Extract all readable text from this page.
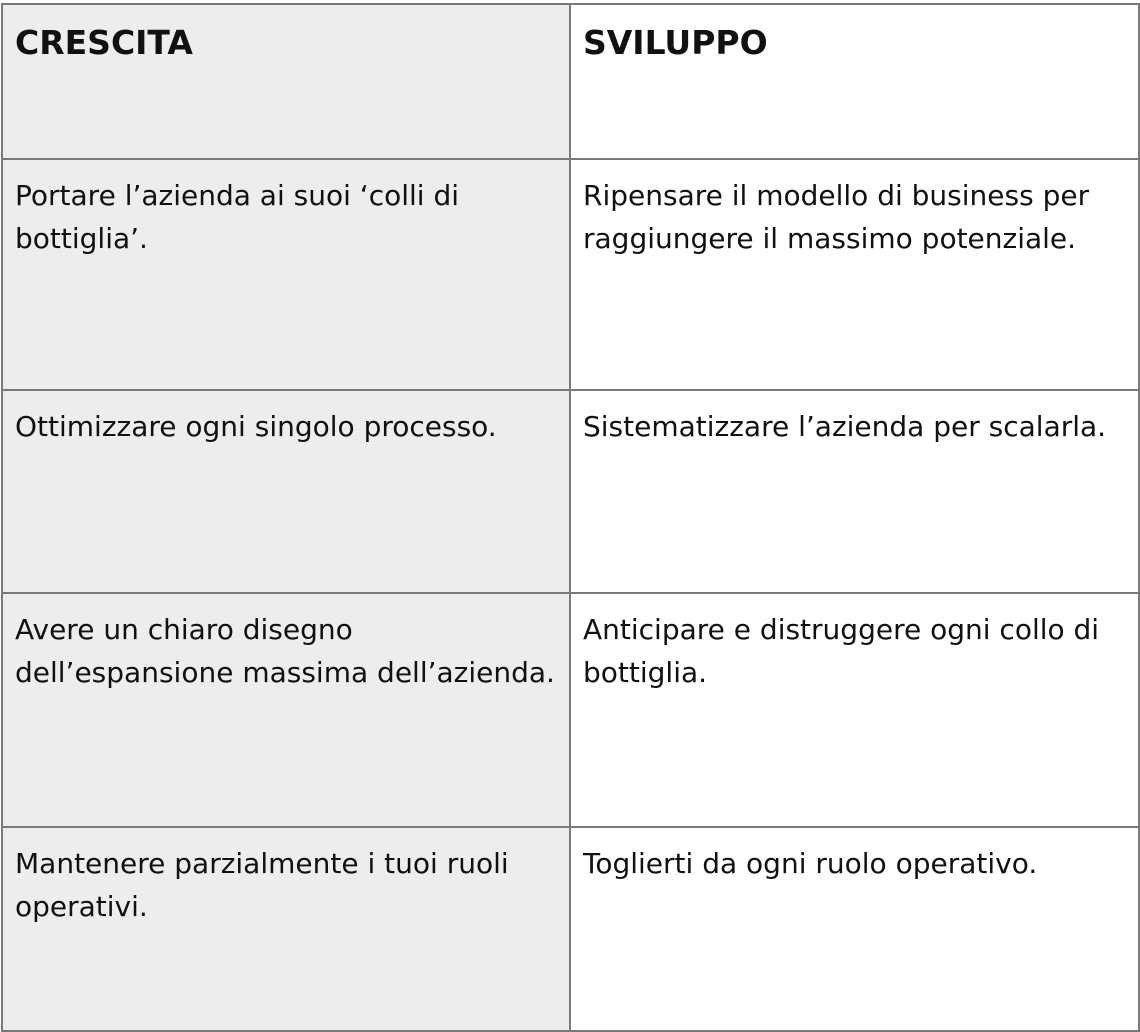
CRESCITA	SVILUPPO
Portare l’azienda ai suoi ‘colli di bottiglia’.	Ripensare il modello di business per raggiungere il massimo potenziale.
Ottimizzare ogni singolo processo.	Sistematizzare l’azienda per scalarla.
Avere un chiaro disegno dell’espansione massima dell’azienda.	Anticipare e distruggere ogni collo di bottiglia.
Mantenere parzialmente i tuoi ruoli operativi.	Toglierti da ogni ruolo operativo.
